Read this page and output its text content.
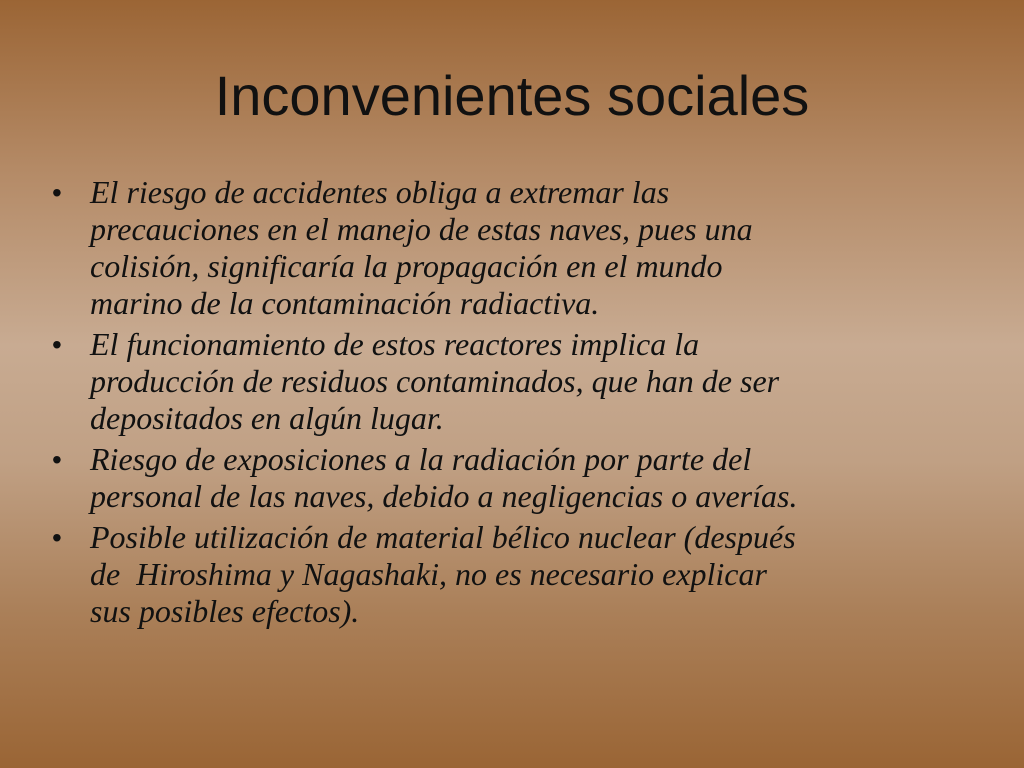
Inconvenientes sociales
• El riesgo de accidentes obliga a extremar las
precauciones en el manejo de estas naves, pues una
colisión, significaría la propagación en el mundo
marino de la contaminación radiactiva.
• El funcionamiento de estos reactores implica la
producción de residuos contaminados, que han de ser
depositados en algún lugar.
• Riesgo de exposiciones a la radiación por parte del
personal de las naves, debido a negligencias o averías.
• Posible utilización de material bélico nuclear (después
de  Hiroshima y Nagashaki, no es necesario explicar
sus posibles efectos).
